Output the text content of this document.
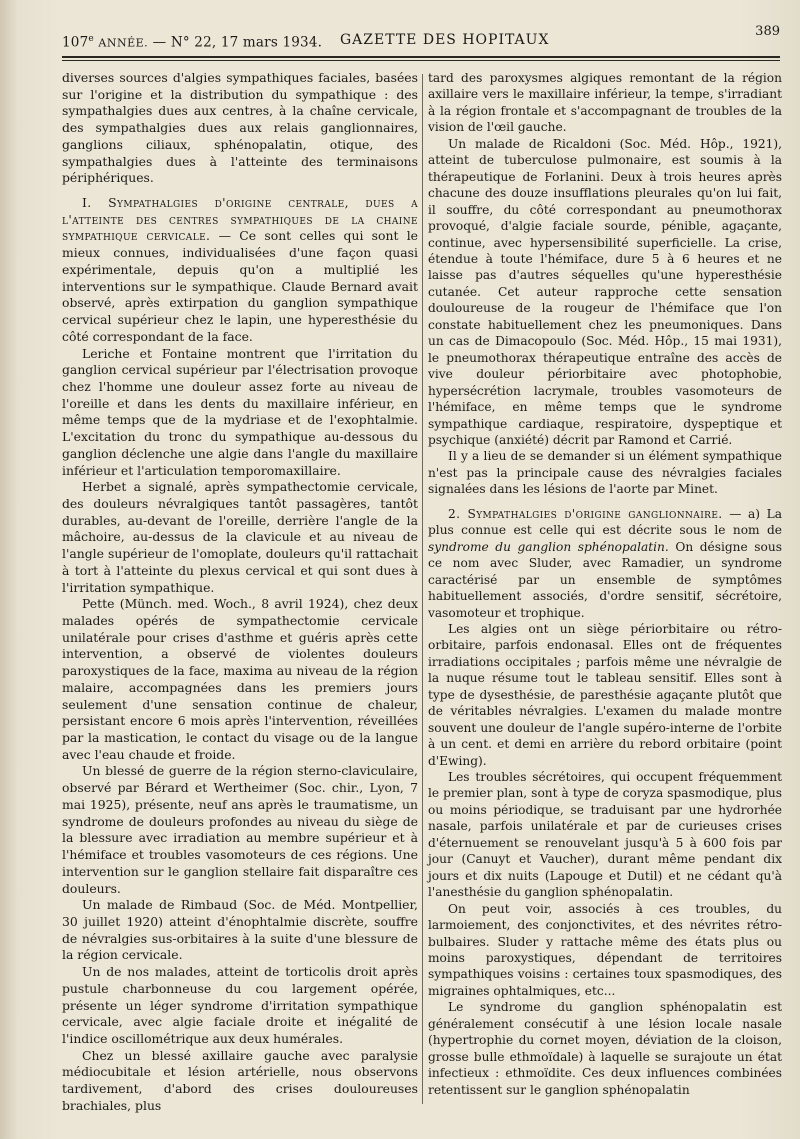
107e ANNÉE. — N° 22, 17 mars 1934. GAZETTE DES HOPITAUX
389

diverses sources d'algies sympathiques faciales, basées sur l'origine et la distribution du sympathique : des sympathalgies dues aux centres, à la chaîne cervicale, des sympathalgies dues aux relais ganglionnaires, ganglions ciliaux, sphénopalatin, otique, des sympathalgies dues à l'atteinte des terminaisons périphériques.

I. Sympathalgies d'origine centrale, dues a l'atteinte des centres sympathiques de la chaine sympathique cervicale. — Ce sont celles qui sont le mieux connues, individualisées d'une façon quasi expérimentale, depuis qu'on a multiplié les interventions sur le sympathique. Claude Bernard avait observé, après extirpation du ganglion sympathique cervical supérieur chez le lapin, une hyperesthésie du côté correspondant de la face.

Leriche et Fontaine montrent que l'irritation du ganglion cervical supérieur par l'électrisation provoque chez l'homme une douleur assez forte au niveau de l'oreille et dans les dents du maxillaire inférieur, en même temps que de la mydriase et de l'exophtalmie. L'excitation du tronc du sympathique au-dessous du ganglion déclenche une algie dans l'angle du maxillaire inférieur et l'articulation temporomaxillaire.

Herbet a signalé, après sympathectomie cervicale, des douleurs névralgiques tantôt passagères, tantôt durables, au-devant de l'oreille, derrière l'angle de la mâchoire, au-dessus de la clavicule et au niveau de l'angle supérieur de l'omoplate, douleurs qu'il rattachait à tort à l'atteinte du plexus cervical et qui sont dues à l'irritation sympathique.

Pette (Münch. med. Woch., 8 avril 1924), chez deux malades opérés de sympathectomie cervicale unilatérale pour crises d'asthme et guéris après cette intervention, a observé de violentes douleurs paroxystiques de la face, maxima au niveau de la région malaire, accompagnées dans les premiers jours seulement d'une sensation continue de chaleur, persistant encore 6 mois après l'intervention, réveillées par la mastication, le contact du visage ou de la langue avec l'eau chaude et froide.

Un blessé de guerre de la région sterno-claviculaire, observé par Bérard et Wertheimer (Soc. chir., Lyon, 7 mai 1925), présente, neuf ans après le traumatisme, un syndrome de douleurs profondes au niveau du siège de la blessure avec irradiation au membre supérieur et à l'hémiface et troubles vasomoteurs de ces régions. Une intervention sur le ganglion stellaire fait disparaître ces douleurs.

Un malade de Rimbaud (Soc. de Méd. Montpellier, 30 juillet 1920) atteint d'énophtalmie discrète, souffre de névralgies sus-orbitaires à la suite d'une blessure de la région cervicale.

Un de nos malades, atteint de torticolis droit après pustule charbonneuse du cou largement opérée, présente un léger syndrome d'irritation sympathique cervicale, avec algie faciale droite et inégalité de l'indice oscillométrique aux deux humérales.

Chez un blessé axillaire gauche avec paralysie médiocubitale et lésion artérielle, nous observons tardivement, d'abord des crises douloureuses brachiales, plus

tard des paroxysmes algiques remontant de la région axillaire vers le maxillaire inférieur, la tempe, s'irradiant à la région frontale et s'accompagnant de troubles de la vision de l'œil gauche.

Un malade de Ricaldoni (Soc. Méd. Hôp., 1921), atteint de tuberculose pulmonaire, est soumis à la thérapeutique de Forlanini. Deux à trois heures après chacune des douze insufflations pleurales qu'on lui fait, il souffre, du côté correspondant au pneumothorax provoqué, d'algie faciale sourde, pénible, agaçante, continue, avec hypersensibilité superficielle. La crise, étendue à toute l'hémiface, dure 5 à 6 heures et ne laisse pas d'autres séquelles qu'une hyperesthésie cutanée. Cet auteur rapproche cette sensation douloureuse de la rougeur de l'hémiface que l'on constate habituellement chez les pneumoniques. Dans un cas de Dimacopoulo (Soc. Méd. Hôp., 15 mai 1931), le pneumothorax thérapeutique entraîne des accès de vive douleur périorbitaire avec photophobie, hypersécrétion lacrymale, troubles vasomoteurs de l'hémiface, en même temps que le syndrome sympathique cardiaque, respiratoire, dyspeptique et psychique (anxiété) décrit par Ramond et Carrié.

Il y a lieu de se demander si un élément sympathique n'est pas la principale cause des névralgies faciales signalées dans les lésions de l'aorte par Minet.

2. Sympathalgies d'origine ganglionnaire. — a) La plus connue est celle qui est décrite sous le nom de syndrome du ganglion sphénopalatin. On désigne sous ce nom avec Sluder, avec Ramadier, un syndrome caractérisé par un ensemble de symptômes habituellement associés, d'ordre sensitif, sécrétoire, vasomoteur et trophique.

Les algies ont un siège périorbitaire ou rétro-orbitaire, parfois endonasal. Elles ont de fréquentes irradiations occipitales ; parfois même une névralgie de la nuque résume tout le tableau sensitif. Elles sont à type de dysesthésie, de paresthésie agaçante plutôt que de véritables névralgies. L'examen du malade montre souvent une douleur de l'angle supéro-interne de l'orbite à un cent. et demi en arrière du rebord orbitaire (point d'Ewing).

Les troubles sécrétoires, qui occupent fréquemment le premier plan, sont à type de coryza spasmodique, plus ou moins périodique, se traduisant par une hydrorhée nasale, parfois unilatérale et par de curieuses crises d'éternuement se renouvelant jusqu'à 5 à 600 fois par jour (Canuyt et Vaucher), durant même pendant dix jours et dix nuits (Lapouge et Dutil) et ne cédant qu'à l'anesthésie du ganglion sphénopalatin.

On peut voir, associés à ces troubles, du larmoiement, des conjonctivites, et des névrites rétro-bulbaires. Sluder y rattache même des états plus ou moins paroxystiques, dépendant de territoires sympathiques voisins : certaines toux spasmodiques, des migraines ophtalmiques, etc...

Le syndrome du ganglion sphénopalatin est généralement consécutif à une lésion locale nasale (hypertrophie du cornet moyen, déviation de la cloison, grosse bulle ethmoïdale) à laquelle se surajoute un état infectieux : ethmoïdite. Ces deux influences combinées retentissent sur le ganglion sphénopalatin
